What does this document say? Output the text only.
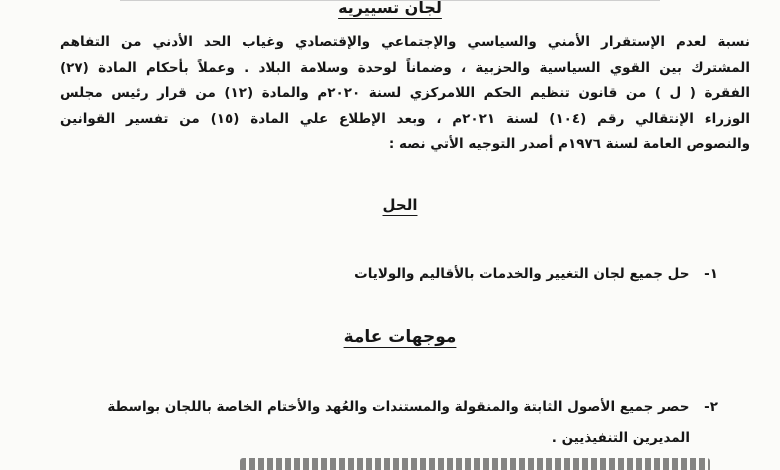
لجان تسييريه
نسبة لعدم الإستقرار الأمني والسياسي والإجتماعي والإقتصادي وغياب الحد الأدني من التفاهم
المشترك بين القوي السياسية والحزبية ، وضماناً لوحدة وسلامة البلاد . وعملاً بأحكام المادة (٢٧)
الفقرة ( ل ) من قانون تنظيم الحكم اللامركزي لسنة ٢٠٢٠م والمادة (١٢) من قرار رئيس مجلس
الوزراء الإنتقالي رقم (١٠٤) لسنة ٢٠٢١م ، وبعد الإطلاع علي المادة (١٥) من تفسير القوانين
والنصوص العامة لسنة ١٩٧٦م أصدر التوجيه الأتي نصه :
الحل
١- حل جميع لجان التغيير والخدمات بالأقاليم والولايات
موجهات عامة
٢- حصر جميع الأصول الثابتة والمنقولة والمستندات والعُهد والأختام الخاصة باللجان بواسطة
المديرين التنفيذيين .
